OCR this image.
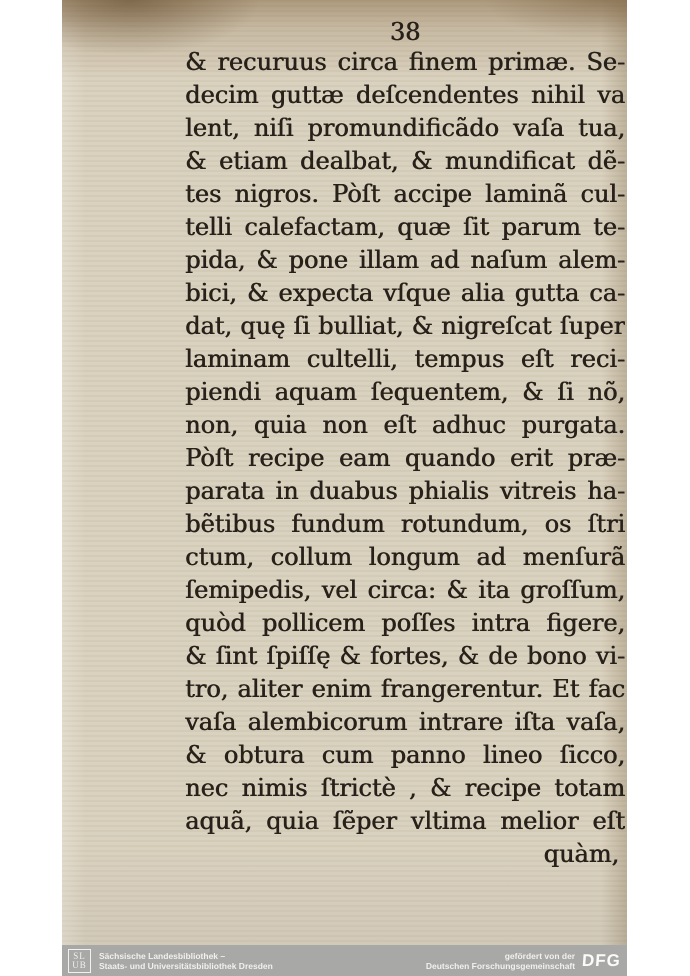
38
& recuruus circa finem primæ. Se-
decim guttæ deſcendentes nihil va
lent, niſi promundificãdo vaſa tua,
& etiam dealbat, & mundificat dẽ-
tes nigros. Pòſt accipe laminã cul-
telli calefactam, quæ ſit parum te-
pida, & pone illam ad naſum alem-
bici, & expecta vſque alia gutta ca-
dat, quę ſi bulliat, & nigreſcat ſuper
laminam cultelli, tempus eſt reci-
piendi aquam ſequentem, & ſi nõ,
non, quia non eſt adhuc purgata.
Pòſt recipe eam quando erit præ-
parata in duabus phialis vitreis ha-
bẽtibus fundum rotundum, os ſtri
ctum, collum longum ad menſurã
ſemipedis, vel circa: & ita groſſum,
quòd pollicem poſſes intra figere,
& ſint ſpiſſę & fortes, & de bono vi-
tro, aliter enim frangerentur. Et fac
vaſa alembicorum intrare iſta vaſa,
& obtura cum panno lineo ſicco,
nec nimis ſtrictè , & recipe totam
aquã, quia ſẽper vltima melior eſt
quàm,
SL
UB
Sächsische Landesbibliothek –
Staats- und Universitätsbibliothek Dresden
gefördert von der
Deutschen Forschungsgemeinschaft DFG
